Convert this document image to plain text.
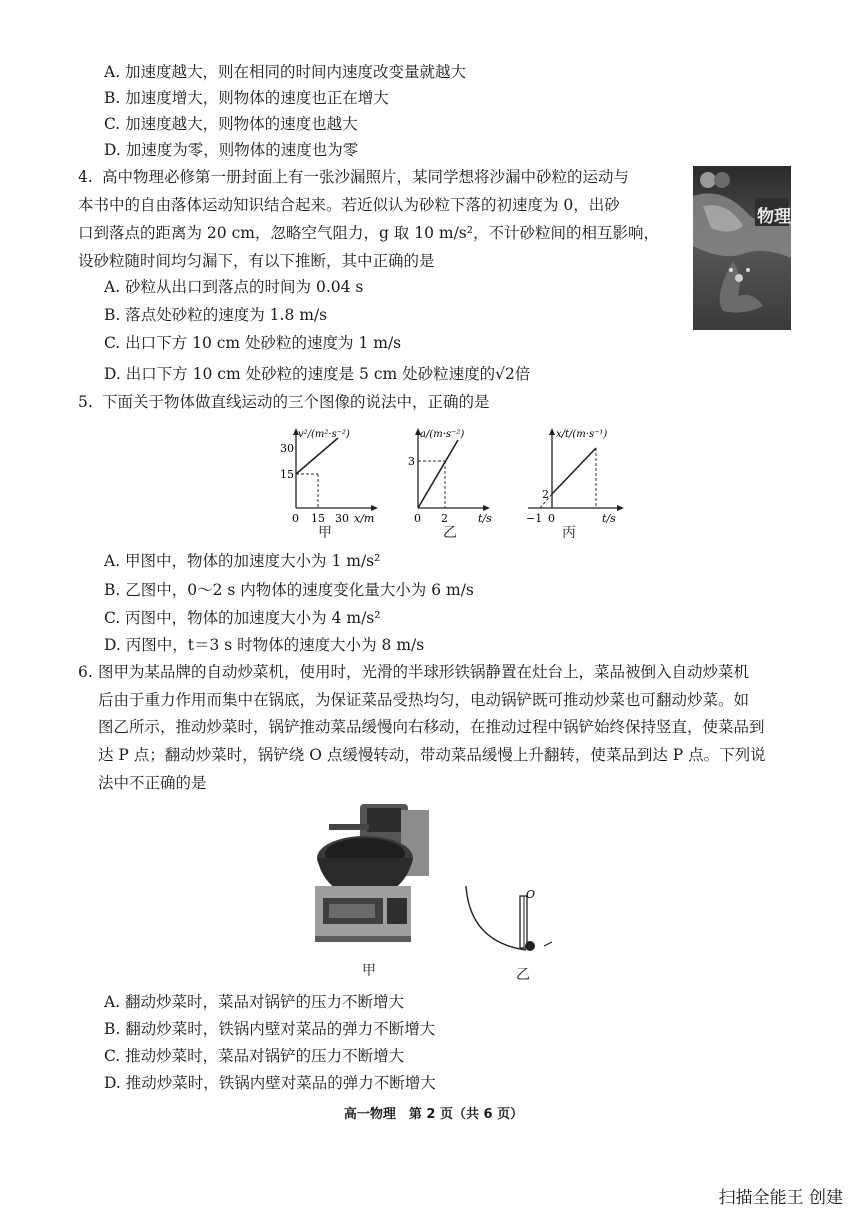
A. 加速度越大，则在相同的时间内速度改变量就越大
B. 加速度增大，则物体的速度也正在增大
C. 加速度越大，则物体的速度也越大
D. 加速度为零，则物体的速度也为零
4. 高中物理必修第一册封面上有一张沙漏照片，某同学想将沙漏中砂粒的运动与
本书中的自由落体运动知识结合起来。若近似认为砂粒下落的初速度为 0，出砂
口到落点的距离为 20 cm，忽略空气阻力，g 取 10 m/s²，不计砂粒间的相互影响，
设砂粒随时间均匀漏下，有以下推断，其中正确的是
A. 砂粒从出口到落点的时间为 0.04 s
B. 落点处砂粒的速度为 1.8 m/s
C. 出口下方 10 cm 处砂粒的速度为 1 m/s
D. 出口下方 10 cm 处砂粒的速度是 5 cm 处砂粒速度的√2倍
物理
5. 下面关于物体做直线运动的三个图像的说法中，正确的是
v²/(m²·s⁻²)
30
15
0 15 30 x/m
甲
a/(m·s⁻²)
3
0 2	t/s
乙
x/t/(m·s⁻¹)
2
−1 0	t/s
丙
A. 甲图中，物体的加速度大小为 1 m/s²
B. 乙图中，0～2 s 内物体的速度变化量大小为 6 m/s
C. 丙图中，物体的加速度大小为 4 m/s²
D. 丙图中，t＝3 s 时物体的速度大小为 8 m/s
6. 图甲为某品牌的自动炒菜机，使用时，光滑的半球形铁锅静置在灶台上，菜品被倒入自动炒菜机
后由于重力作用而集中在锅底，为保证菜品受热均匀，电动锅铲既可推动炒菜也可翻动炒菜。如
图乙所示，推动炒菜时，锅铲推动菜品缓慢向右移动，在推动过程中锅铲始终保持竖直，使菜品到
达 P 点；翻动炒菜时，锅铲绕 O 点缓慢转动，带动菜品缓慢上升翻转，使菜品到达 P 点。下列说
法中不正确的是
甲
O
乙
A. 翻动炒菜时，菜品对锅铲的压力不断增大
B. 翻动炒菜时，铁锅内壁对菜品的弹力不断增大
C. 推动炒菜时，菜品对锅铲的压力不断增大
D. 推动炒菜时，铁锅内壁对菜品的弹力不断增大
高一物理　第 2 页（共 6 页）
扫描全能王 创建
